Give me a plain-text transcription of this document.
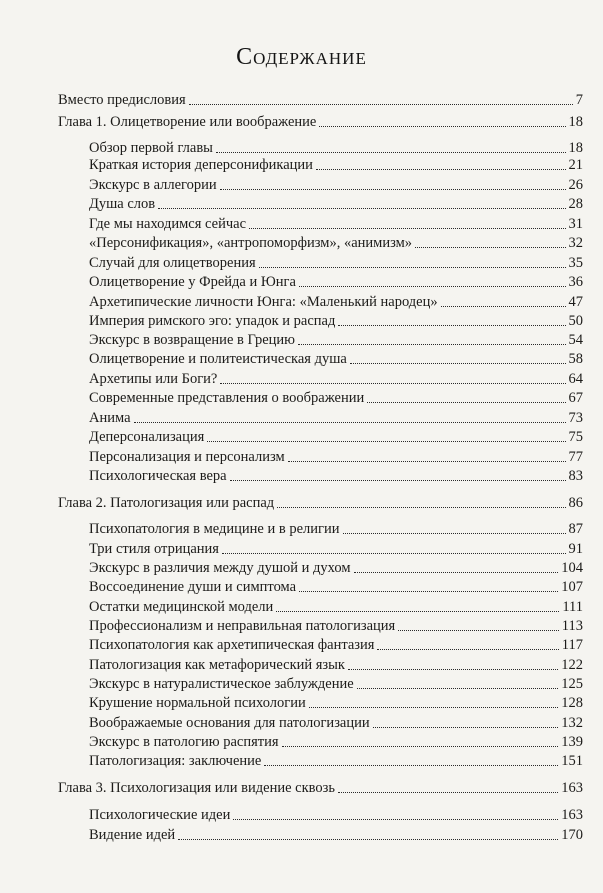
Содержание
Вместо предисловия	7
Глава 1. Олицетворение или воображение	18
Обзор первой главы	18
Краткая история деперсонификации	21
Экскурс в аллегории	26
Душа слов	28
Где мы находимся сейчас	31
«Персонификация», «антропоморфизм», «анимизм»	32
Случай для олицетворения	35
Олицетворение у Фрейда и Юнга	36
Архетипические личности Юнга: «Маленький народец»	47
Империя римского эго: упадок и распад	50
Экскурс в возвращение в Грецию	54
Олицетворение и политеистическая душа	58
Архетипы или Боги?	64
Современные представления о воображении	67
Анима	73
Деперсонализация	75
Персонализация и персонализм	77
Психологическая вера	83
Глава 2. Патологизация или распад	86
Психопатология в медицине и в религии	87
Три стиля отрицания	91
Экскурс в различия между душой и духом	104
Воссоединение души и симптома	107
Остатки медицинской модели	111
Профессионализм и неправильная патологизация	113
Психопатология как архетипическая фантазия	117
Патологизация как метафорический язык	122
Экскурс в натуралистическое заблуждение	125
Крушение нормальной психологии	128
Воображаемые основания для патологизации	132
Экскурс в патологию распятия	139
Патологизация: заключение	151
Глава 3. Психологизация или видение сквозь	163
Психологические идеи	163
Видение идей	170
